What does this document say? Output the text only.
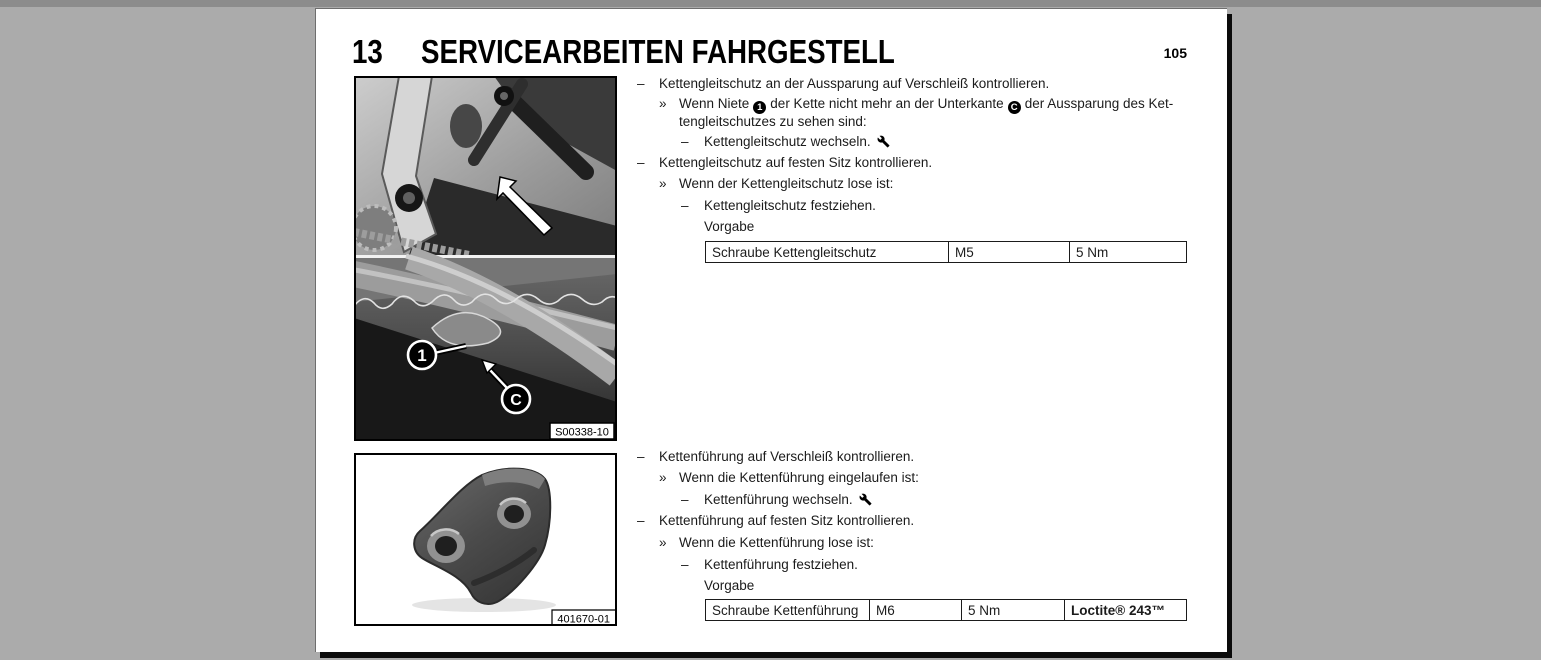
13 SERVICEARBEITEN FAHRGESTELL	105
1
C
S00338-10
401670-01
– Kettengleitschutz an der Aussparung auf Verschleiß kontrollieren.
» Wenn Niete 1 der Kette nicht mehr an der Unterkante C der Aussparung des Ket-
tengleitschutzes zu sehen sind:
– Kettengleitschutz wechseln.
– Kettengleitschutz auf festen Sitz kontrollieren.
» Wenn der Kettengleitschutz lose ist:
– Kettengleitschutz festziehen.
Vorgabe
Schraube Kettengleitschutz	M5	5 Nm
– Kettenführung auf Verschleiß kontrollieren.
» Wenn die Kettenführung eingelaufen ist:
– Kettenführung wechseln.
– Kettenführung auf festen Sitz kontrollieren.
» Wenn die Kettenführung lose ist:
– Kettenführung festziehen.
Vorgabe
Schraube Kettenführung	M6	5 Nm	Loctite® 243™
